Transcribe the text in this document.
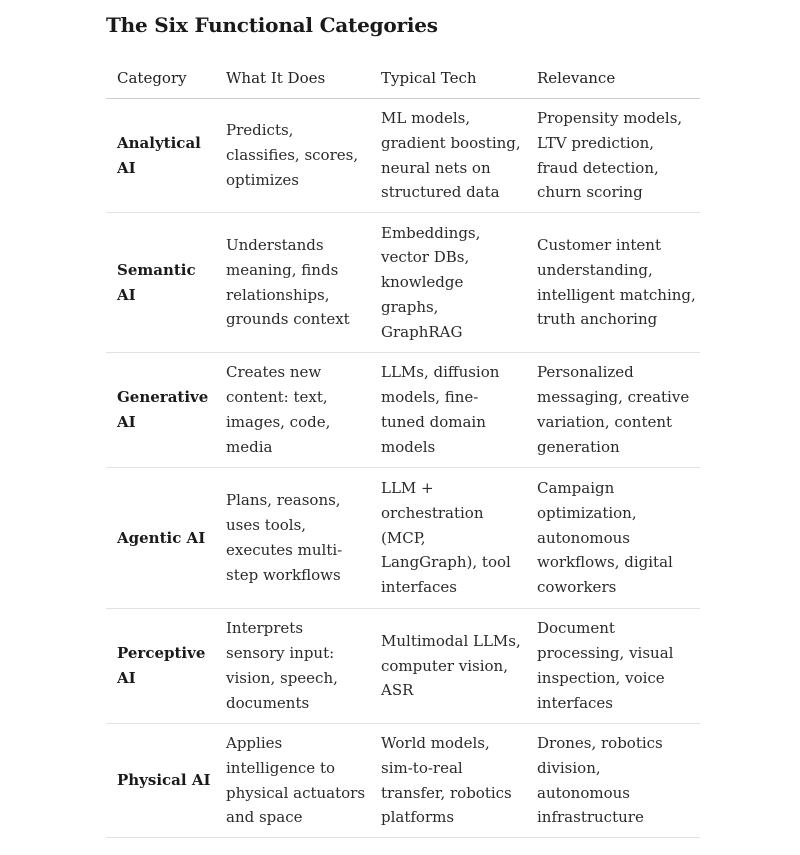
The Six Functional Categories
Category	What It Does	Typical Tech	Relevance

Analytical AI	Predicts, classifies, scores, optimizes	ML models, gradient boosting, neural nets on structured data	Propensity models, LTV prediction, fraud detection, churn scoring

Semantic AI	Understands meaning, finds relationships, grounds context	Embeddings, vector DBs, knowledge graphs, GraphRAG	Customer intent understanding, intelligent matching, truth anchoring

Generative AI	Creates new content: text, images, code, media	LLMs, diffusion models, fine-tuned domain models	Personalized messaging, creative variation, content generation

Agentic AI	Plans, reasons, uses tools, executes multi-step workflows	LLM + orchestration (MCP, LangGraph), tool interfaces	Campaign optimization, autonomous workflows, digital coworkers

Perceptive AI	Interprets sensory input: vision, speech, documents	Multimodal LLMs, computer vision, ASR	Document processing, visual inspection, voice interfaces

Physical AI	Applies intelligence to physical actuators and space	World models, sim-to-real transfer, robotics platforms	Drones, robotics division, autonomous infrastructure
